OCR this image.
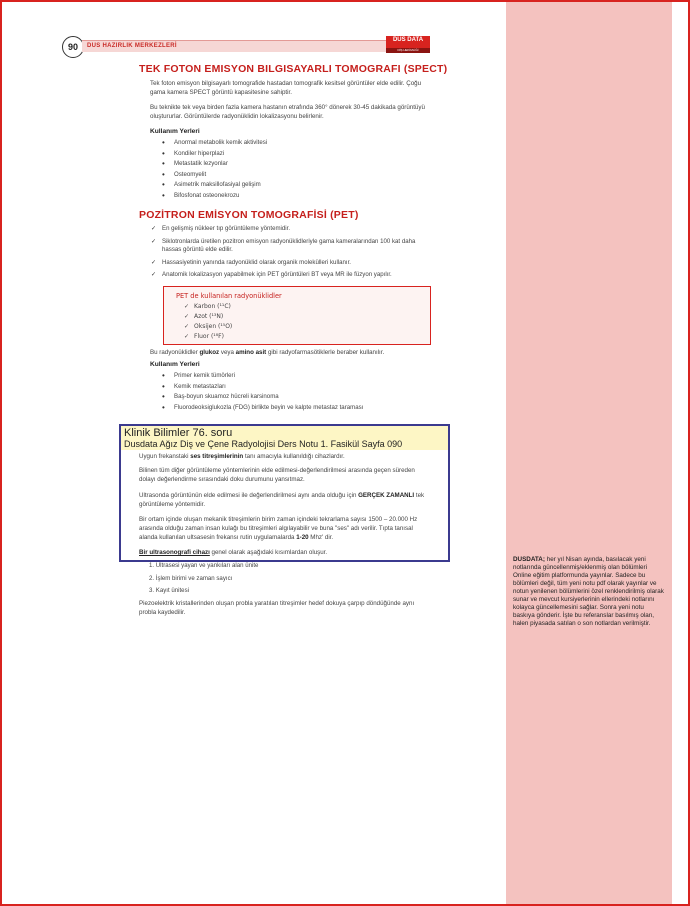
90	DUS HAZIRLIK MERKEZLERİ
DUS DATA
DİŞ HEKİMLİĞİ
TEK FOTON EMISYON BILGISAYARLI TOMOGRAFI (SPECT)

Tek foton emisyon bilgisayarlı tomografide hastadan tomografik kesitsel görüntüler elde edilir. Çoğu gama kamera SPECT görüntü kapasitesine sahiptir.

Bu teknikte tek veya birden fazla kamera hastanın etrafında 360° dönerek 30-45 dakikada görüntüyü oluştururlar. Görüntülerde radyonüklidin lokalizasyonu belirlenir.

Kullanım Yerleri
• Anormal metabolik kemik aktivitesi
• Kondiler hiperplazi
• Metastatik lezyonlar
• Osteomyelit
• Asimetrik maksillofasiyal gelişim
• Bifosfonat osteonekrozu
POZİTRON EMİSYON TOMOGRAFİSİ (PET)
✓ En gelişmiş nükleer tıp görüntüleme yöntemidir.
✓ Siklotronlarda üretilen pozitron emisyon radyonüklidleriyle gama kameralarından 100 kat daha hassas görüntü elde edilir.
✓ Hassasiyetinin yanında radyonüklid olarak organik molekülleri kullanır.
✓ Anatomik lokalizasyon yapabilmek için PET görüntüleri BT veya MR ile füzyon yapılır.
PET de kullanılan radyonüklidler
✓ Karbon (¹¹C)
✓ Azot (¹³N)
✓ Oksijen (¹⁵O)
✓ Fluor (¹⁸F)

Bu radyonüklidler glukoz veya amino asit gibi radyofarmasötiklerle beraber kullanılır.

Kullanım Yerleri
• Primer kemik tümörleri
• Kemik metastazları
• Baş-boyun skuamoz hücreli karsinoma
• Fluorodeoksiglukozla (FDG) birlikte beyin ve kalpte metastaz taraması
Klinik Bilimler 76. soru
Dusdata Ağız Diş ve Çene Radyolojisi Ders Notu 1. Fasikül Sayfa 090

Uygun frekanstaki ses titreşimlerinin tanı amacıyla kullanıldığı cihazlardır.

Bilinen tüm diğer görüntüleme yöntemlerinin elde edilmesi-değerlendirilmesi arasında geçen süreden dolayı değerlendirme sırasındaki doku durumunu yansıtmaz.

Ultrasonda görüntünün elde edilmesi ile değerlendirilmesi aynı anda olduğu için GERÇEK ZAMANLI tek görüntüleme yöntemidir.

Bir ortam içinde oluşan mekanik titreşimlerin birim zaman içindeki tekrarlama sayısı 1500 – 20.000 Hz arasında olduğu zaman insan kulağı bu titreşimleri algılayabilir ve buna "ses" adı verilir. Tıpta tanısal alanda kullanılan ultsasesin frekansı rutin uygulamalarda 1-20 Mhz' dir.

Bir ultrasonografi cihazı genel olarak aşağıdaki kısımlardan oluşur.

1. Ultrasesi yayan ve yankıları alan ünite
2. İşlem birimi ve zaman sayıcı
3. Kayıt ünitesi

Piezoelektrik kristallerinden oluşan probla yaratılan titreşimler hedef dokuya çarpıp döndüğünde aynı probla kaydedilir.

DUSDATA; her yıl Nisan ayında, basılacak yeni notlarında güncellenmiş/eklenmiş olan bölümleri Online eğitim platformunda yayınlar. Sadece bu bölümleri değil, tüm yeni notu pdf olarak yayınlar ve notun yenilenen bölümlerini özel renklendirilmiş olarak sunar ve mevcut kursiyerlerinin ellerindeki notlarını kolayca güncellemesini sağlar. Sonra yeni notu baskıya gönderir. İşte bu referanslar basılmış olan, halen piyasada satılan o son notlardan verilmiştir.
